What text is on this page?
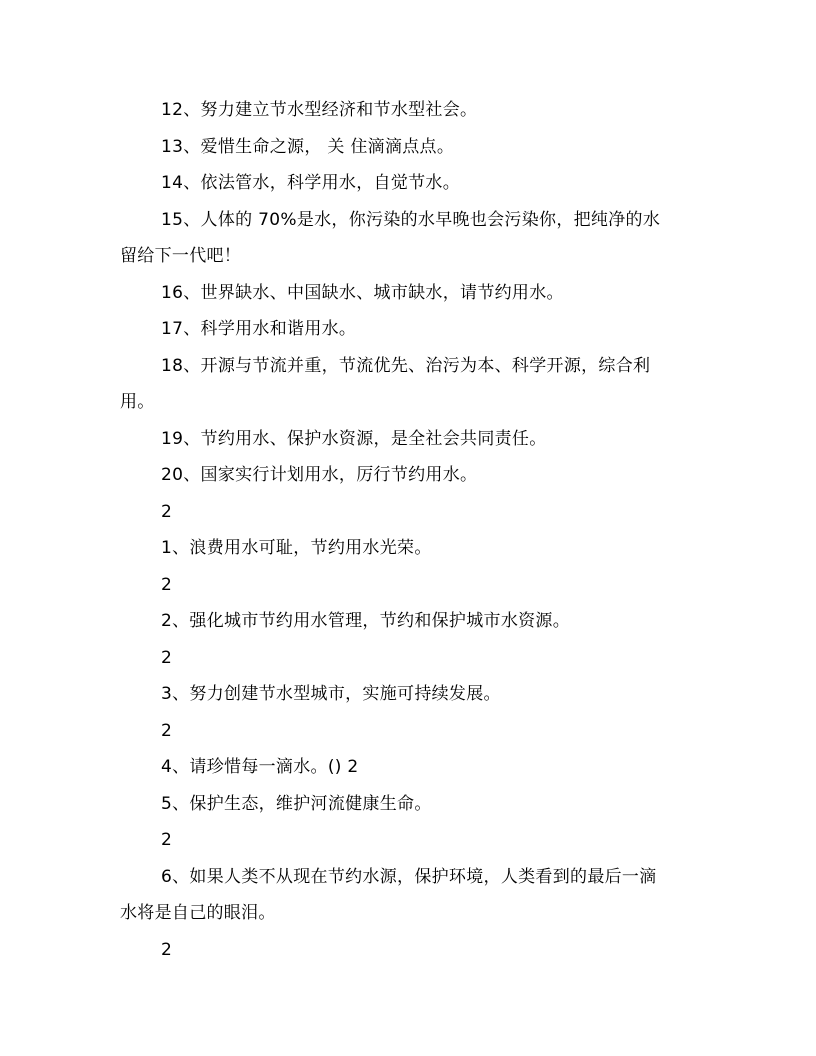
12、努力建立节水型经济和节水型社会。
13、爱惜生命之源， 关 住滴滴点点。
14、依法管水，科学用水，自觉节水。
15、人体的 70%是水，你污染的水早晚也会污染你，把纯净的水
留给下一代吧！
16、世界缺水、中国缺水、城市缺水，请节约用水。
17、科学用水和谐用水。
18、开源与节流并重，节流优先、治污为本、科学开源，综合利
用。
19、节约用水、保护水资源，是全社会共同责任。
20、国家实行计划用水，厉行节约用水。
2
1、浪费用水可耻，节约用水光荣。
2
2、强化城市节约用水管理，节约和保护城市水资源。
2
3、努力创建节水型城市，实施可持续发展。
2
4、请珍惜每一滴水。() 2
5、保护生态，维护河流健康生命。
2
6、如果人类不从现在节约水源，保护环境，人类看到的最后一滴
水将是自己的眼泪。
2
